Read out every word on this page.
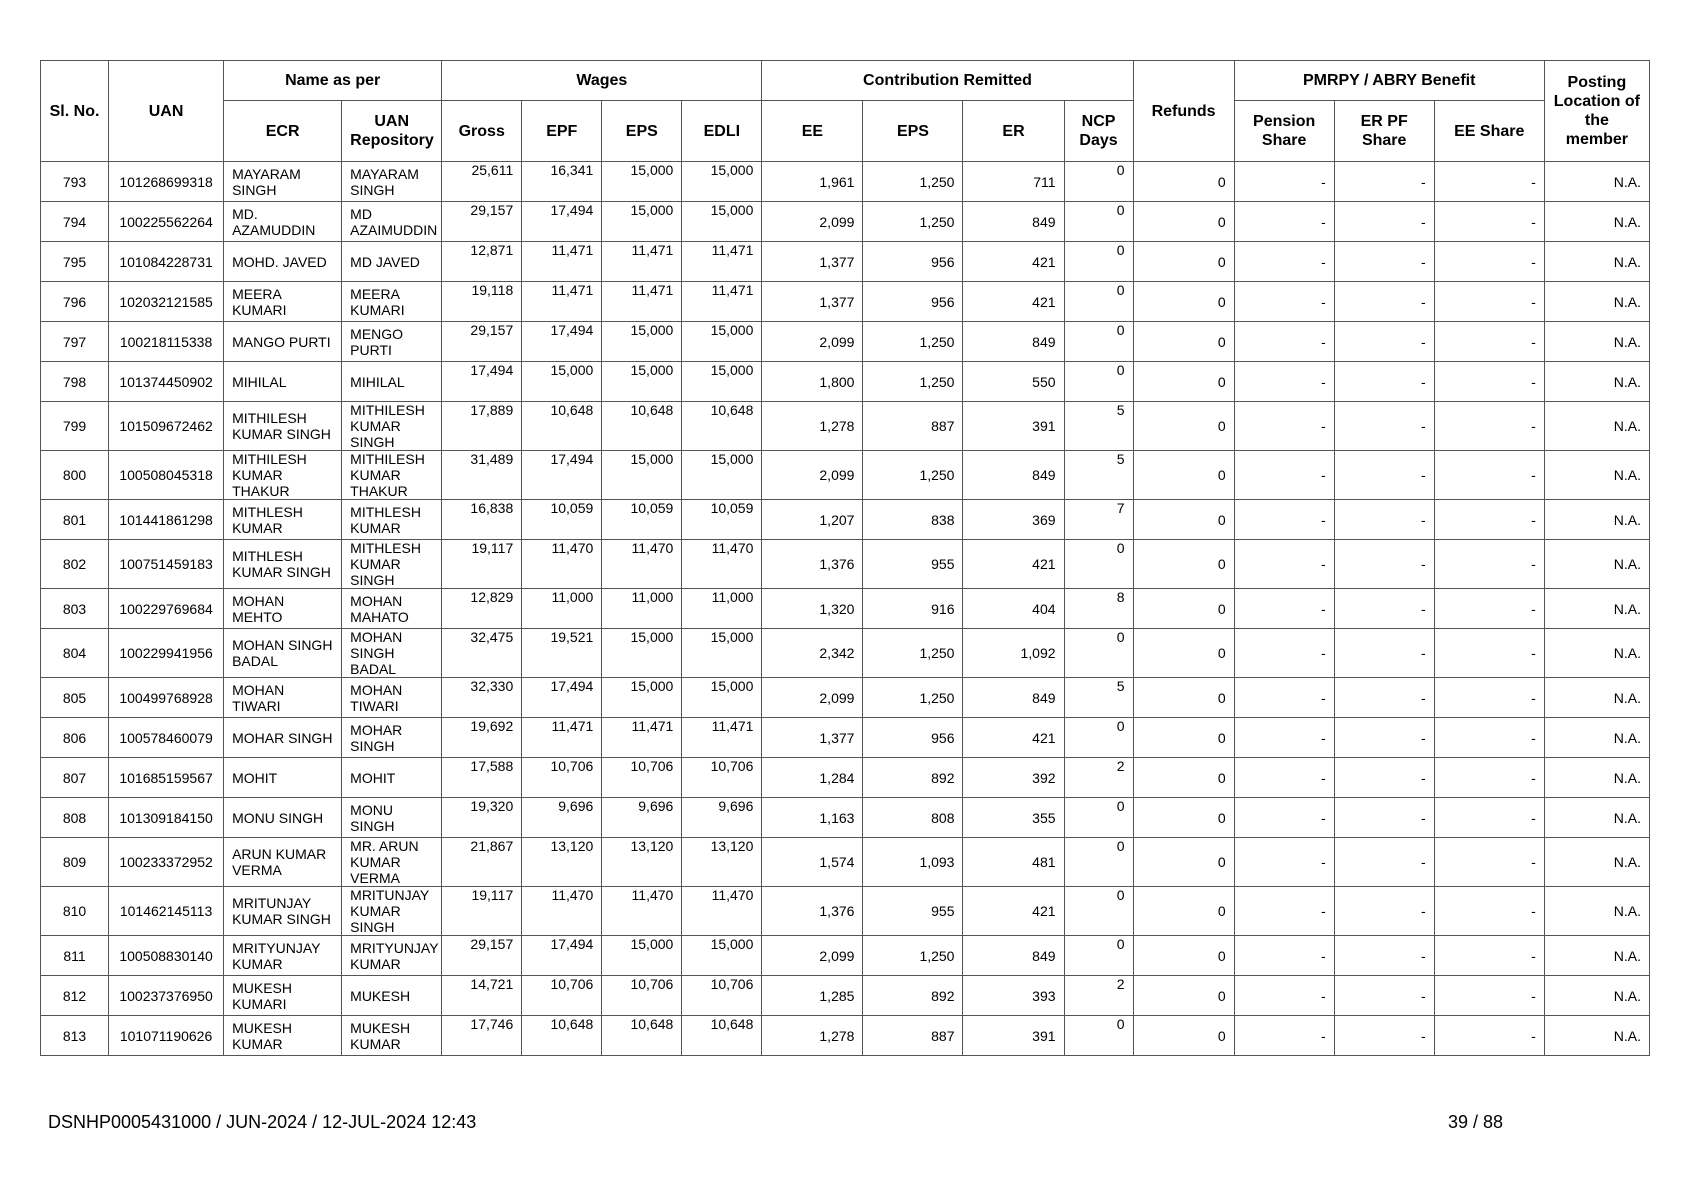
Sl. No.	UAN	Name as per		Wages				Contribution Remitted				Refunds	PMRPY / ABRY Benefit			Posting Location of the member
		ECR	UAN Repository	Gross	EPF	EPS	EDLI	EE	EPS	ER	NCP Days		Pension Share	ER PF Share	EE Share	
793	101268699318	MAYARAM SINGH	MAYARAM SINGH	25,611	16,341	15,000	15,000	1,961	1,250	711	0	0	-	-	-	N.A.
794	100225562264	MD. AZAMUDDIN	MD AZAIMUDDIN	29,157	17,494	15,000	15,000	2,099	1,250	849	0	0	-	-	-	N.A.
795	101084228731	MOHD. JAVED	MD JAVED	12,871	11,471	11,471	11,471	1,377	956	421	0	0	-	-	-	N.A.
796	102032121585	MEERA KUMARI	MEERA KUMARI	19,118	11,471	11,471	11,471	1,377	956	421	0	0	-	-	-	N.A.
797	100218115338	MANGO PURTI	MENGO PURTI	29,157	17,494	15,000	15,000	2,099	1,250	849	0	0	-	-	-	N.A.
798	101374450902	MIHILAL	MIHILAL	17,494	15,000	15,000	15,000	1,800	1,250	550	0	0	-	-	-	N.A.
799	101509672462	MITHILESH KUMAR SINGH	MITHILESH KUMAR SINGH	17,889	10,648	10,648	10,648	1,278	887	391	5	0	-	-	-	N.A.
800	100508045318	MITHILESH KUMAR THAKUR	MITHILESH KUMAR THAKUR	31,489	17,494	15,000	15,000	2,099	1,250	849	5	0	-	-	-	N.A.
801	101441861298	MITHLESH KUMAR	MITHLESH KUMAR	16,838	10,059	10,059	10,059	1,207	838	369	7	0	-	-	-	N.A.
802	100751459183	MITHLESH KUMAR SINGH	MITHLESH KUMAR SINGH	19,117	11,470	11,470	11,470	1,376	955	421	0	0	-	-	-	N.A.
803	100229769684	MOHAN MEHTO	MOHAN MAHATO	12,829	11,000	11,000	11,000	1,320	916	404	8	0	-	-	-	N.A.
804	100229941956	MOHAN SINGH BADAL	MOHAN SINGH BADAL	32,475	19,521	15,000	15,000	2,342	1,250	1,092	0	0	-	-	-	N.A.
805	100499768928	MOHAN TIWARI	MOHAN TIWARI	32,330	17,494	15,000	15,000	2,099	1,250	849	5	0	-	-	-	N.A.
806	100578460079	MOHAR SINGH	MOHAR SINGH	19,692	11,471	11,471	11,471	1,377	956	421	0	0	-	-	-	N.A.
807	101685159567	MOHIT	MOHIT	17,588	10,706	10,706	10,706	1,284	892	392	2	0	-	-	-	N.A.
808	101309184150	MONU SINGH	MONU SINGH	19,320	9,696	9,696	9,696	1,163	808	355	0	0	-	-	-	N.A.
809	100233372952	ARUN KUMAR VERMA	MR. ARUN KUMAR VERMA	21,867	13,120	13,120	13,120	1,574	1,093	481	0	0	-	-	-	N.A.
810	101462145113	MRITUNJAY KUMAR SINGH	MRITUNJAY KUMAR SINGH	19,117	11,470	11,470	11,470	1,376	955	421	0	0	-	-	-	N.A.
811	100508830140	MRITYUNJAY KUMAR	MRITYUNJAY KUMAR	29,157	17,494	15,000	15,000	2,099	1,250	849	0	0	-	-	-	N.A.
812	100237376950	MUKESH KUMARI	MUKESH	14,721	10,706	10,706	10,706	1,285	892	393	2	0	-	-	-	N.A.
813	101071190626	MUKESH KUMAR	MUKESH KUMAR	17,746	10,648	10,648	10,648	1,278	887	391	0	0	-	-	-	N.A.
DSNHP0005431000 / JUN-2024 / 12-JUL-2024 12:43	39 / 88
